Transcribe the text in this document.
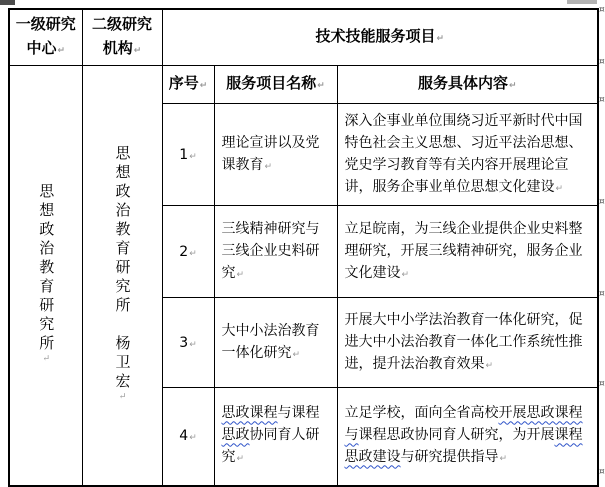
一级研究中心↵	二级研究机构↵	技术技能服务项目↵		
思想政治教育研究所↵	思想政治教育研究所　杨卫宏↵	序号↵	服务项目名称↵	服务具体内容↵
		1↵	理论宣讲以及党课教育↵	深入企事业单位围绕习近平新时代中国特色社会主义思想、习近平法治思想、党史学习教育等有关内容开展理论宣讲，服务企事业单位思想文化建设↵
		2↵	三线精神研究与三线企业史料研究↵	立足皖南，为三线企业提供企业史料整理研究，开展三线精神研究，服务企业文化建设↵
		3↵	大中小法治教育一体化研究↵	开展大中小学法治教育一体化研究，促进大中小法治教育一体化工作系统性推进，提升法治教育效果↵
		4↵	思政课程与课程思政协同育人研究↵	立足学校，面向全省高校开展思政课程与课程思政协同育人研究，为开展课程思政建设与研究提供指导↵
¤
¤
¤
¤
¤
¤
¤
